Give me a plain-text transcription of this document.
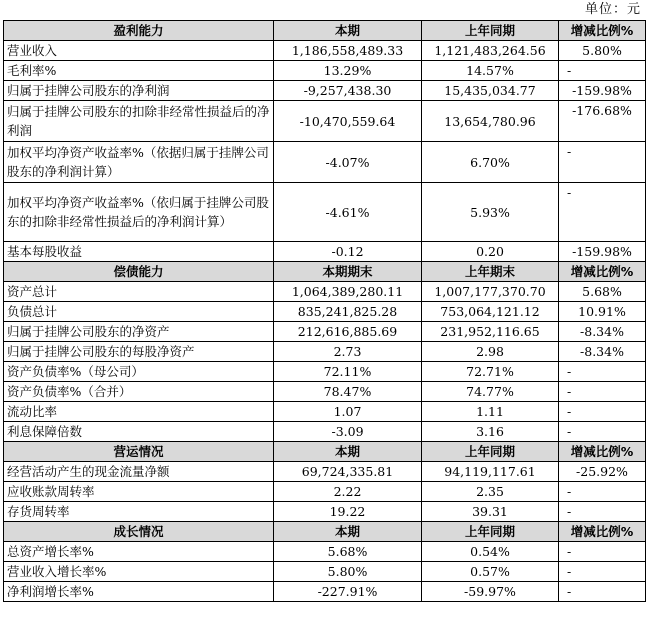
单位：元
盈利能力	本期	上年同期	增减比例%
营业收入	1,186,558,489.33	1,121,483,264.56	5.80%
毛利率%	13.29%	14.57%	-
归属于挂牌公司股东的净利润	-9,257,438.30	15,435,034.77	-159.98%
归属于挂牌公司股东的扣除非经常性损益后的净利润	-10,470,559.64	13,654,780.96	-176.68%
加权平均净资产收益率%（依据归属于挂牌公司股东的净利润计算）	-4.07%	6.70%	-
加权平均净资产收益率%（依归属于挂牌公司股东的扣除非经常性损益后的净利润计算）	-4.61%	5.93%	-
基本每股收益	-0.12	0.20	-159.98%
偿债能力	本期期末	上年期末	增减比例%
资产总计	1,064,389,280.11	1,007,177,370.70	5.68%
负债总计	835,241,825.28	753,064,121.12	10.91%
归属于挂牌公司股东的净资产	212,616,885.69	231,952,116.65	-8.34%
归属于挂牌公司股东的每股净资产	2.73	2.98	-8.34%
资产负债率%（母公司）	72.11%	72.71%	-
资产负债率%（合并）	78.47%	74.77%	-
流动比率	1.07	1.11	-
利息保障倍数	-3.09	3.16	-
营运情况	本期	上年同期	增减比例%
经营活动产生的现金流量净额	69,724,335.81	94,119,117.61	-25.92%
应收账款周转率	2.22	2.35	-
存货周转率	19.22	39.31	-
成长情况	本期	上年同期	增减比例%
总资产增长率%	5.68%	0.54%	-
营业收入增长率%	5.80%	0.57%	-
净利润增长率%	-227.91%	-59.97%	-
